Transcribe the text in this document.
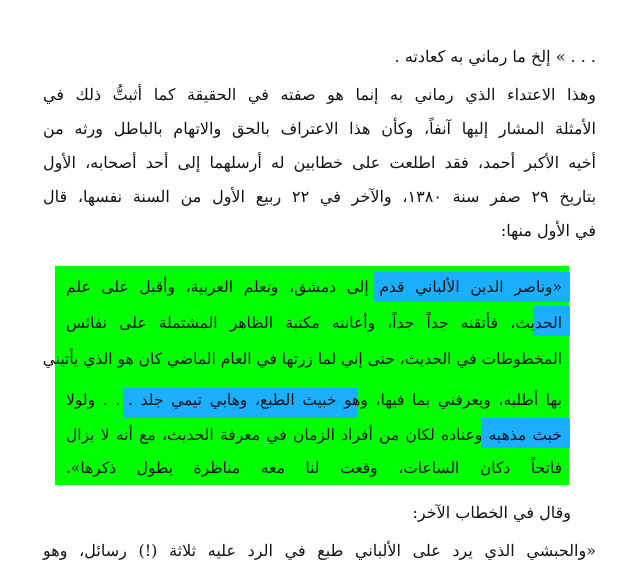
. . . » إلخ ما رماني به كعادته .
وهذا الاعتداء الذي رماني به إنما هو صفته في الحقيقة كما أثبتُّ ذلك في
الأمثلة المشار إليها آنفاً، وكأن هذا الاعتراف بالحق والاتهام بالباطل ورثه من
أخيه الأكبر أحمد، فقد اطلعت على خطابين له أرسلهما إلى أحد أصحابه، الأول
بتاريخ ٢٩ صفر سنة ١٣٨٠، والآخر في ٢٢ ربيع الأول من السنة نفسها، قال
في الأول منها:
«وناصر الدين الألباني قدم إلى دمشق، وتعلم العربية، وأقبل على علم
الحديث، فأتقنه جداً جداً، وأعانته مكتبة الظاهر المشتملة على نفائس
المخطوطات في الحديث، حتى إني لما زرتها في العام الماضي كان هو الذي يأتيني
بها أطلبه، ويعرفني بما فيها، وهو خبيث الطبع، وهابي تيمي جلد . . . ولولا
خبث مذهبه وعناده لكان من أفراد الزمان في معرفة الحديث، مع أنه لا يزال
فاتحاً دكان الساعات، وقعت لنا معه مناظرة يطول ذكرها».
وقال في الخطاب الآخر:
«والحبشي الذي يرد على الألباني طبع في الرد عليه ثلاثة (!) رسائل، وهو
